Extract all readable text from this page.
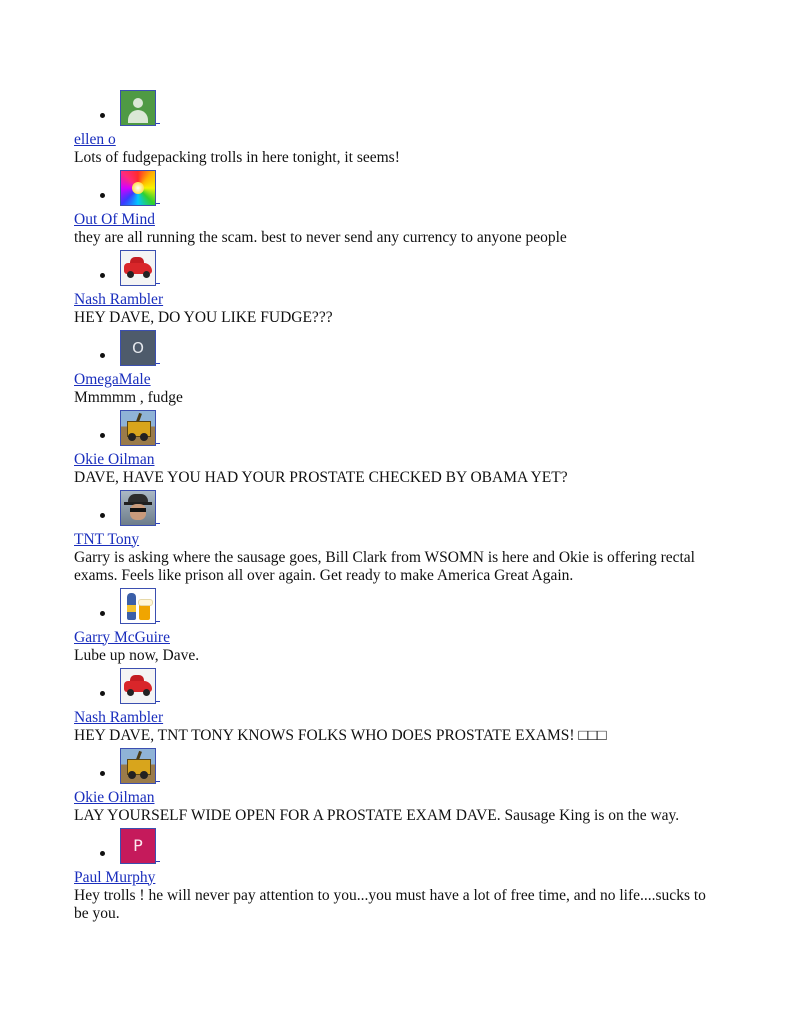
ellen o
Lots of fudgepacking trolls in here tonight, it seems!
Out Of Mind
they are all running the scam. best to never send any currency to anyone people
Nash Rambler
HEY DAVE, DO YOU LIKE FUDGE???
O
OmegaMale
Mmmmm , fudge
Okie Oilman
DAVE, HAVE YOU HAD YOUR PROSTATE CHECKED BY OBAMA YET?
TNT Tony
Garry is asking where the sausage goes, Bill Clark from WSOMN is here and Okie is offering rectal exams. Feels like prison all over again. Get ready to make America Great Again.
Garry McGuire
Lube up now, Dave.
Nash Rambler
HEY DAVE, TNT TONY KNOWS FOLKS WHO DOES PROSTATE EXAMS! □□□
Okie Oilman
LAY YOURSELF WIDE OPEN FOR A PROSTATE EXAM DAVE. Sausage King is on the way.
P
Paul Murphy
Hey trolls ! he will never pay attention to you...you must have a lot of free time, and no life....sucks to be you.
